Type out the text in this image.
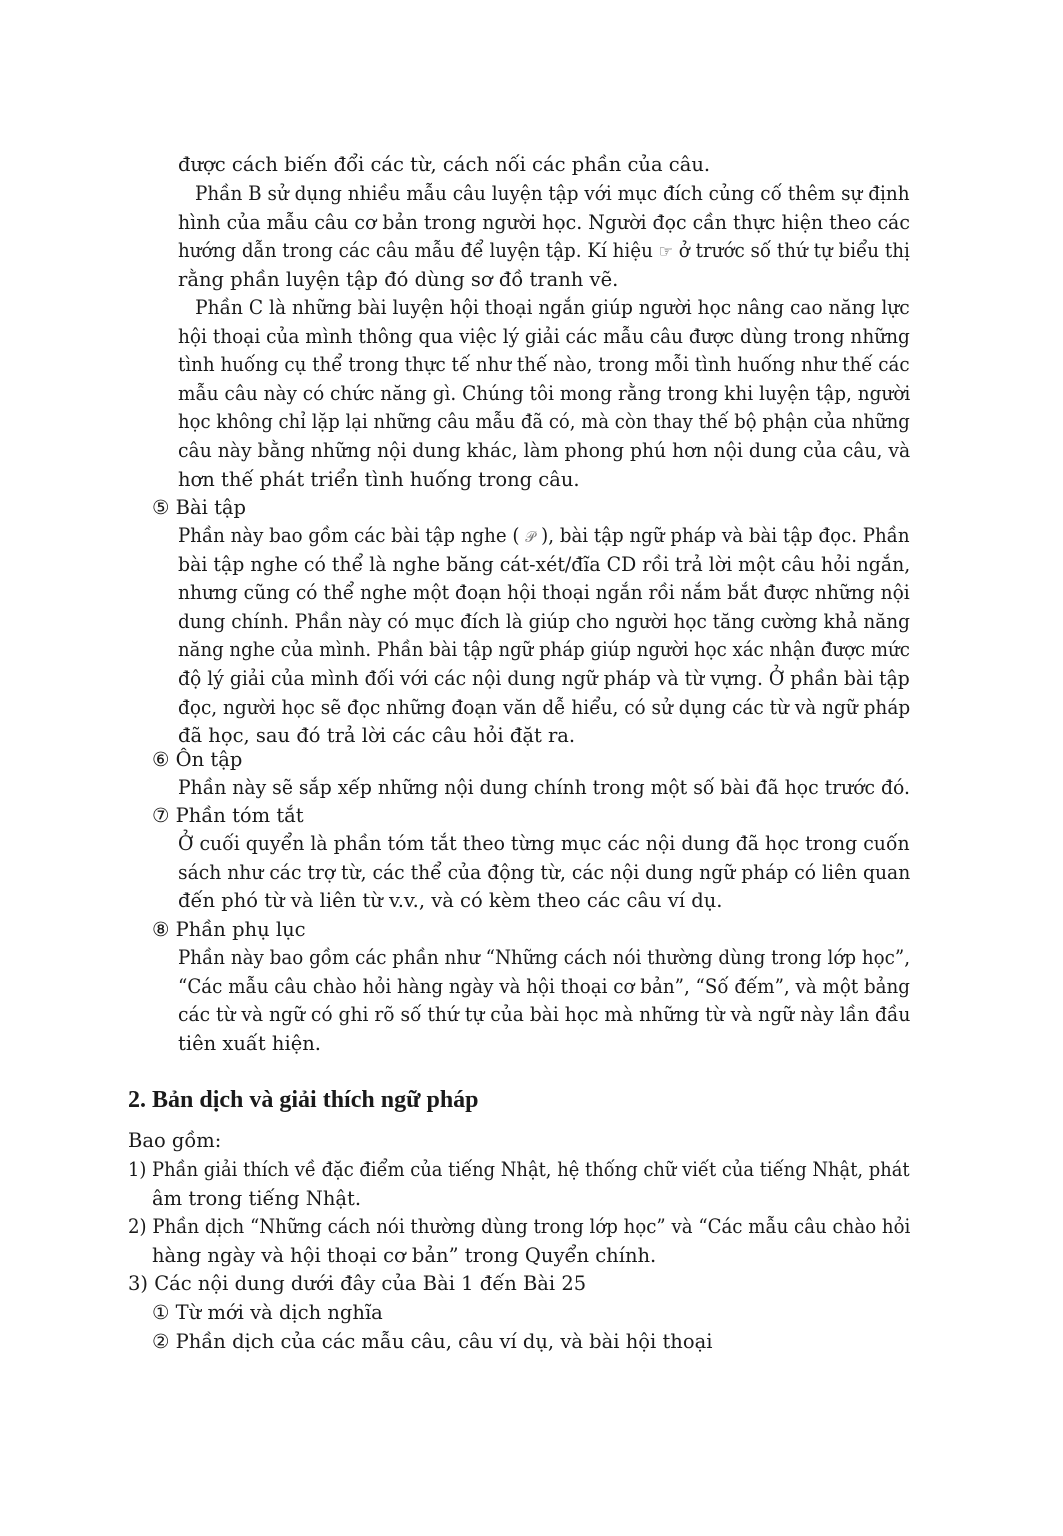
được cách biến đổi các từ, cách nối các phần của câu.

Phần B sử dụng nhiều mẫu câu luyện tập với mục đích củng cố thêm sự định
hình của mẫu câu cơ bản trong người học. Người đọc cần thực hiện theo các
hướng dẫn trong các câu mẫu để luyện tập. Kí hiệu ☞ ở trước số thứ tự biểu thị
rằng phần luyện tập đó dùng sơ đồ tranh vẽ.

Phần C là những bài luyện hội thoại ngắn giúp người học nâng cao năng lực
hội thoại của mình thông qua việc lý giải các mẫu câu được dùng trong những
tình huống cụ thể trong thực tế như thế nào, trong mỗi tình huống như thế các
mẫu câu này có chức năng gì. Chúng tôi mong rằng trong khi luyện tập, người
học không chỉ lặp lại những câu mẫu đã có, mà còn thay thế bộ phận của những
câu này bằng những nội dung khác, làm phong phú hơn nội dung của câu, và
hơn thế phát triển tình huống trong câu.

⑤ Bài tập

Phần này bao gồm các bài tập nghe ( 𝒫 ), bài tập ngữ pháp và bài tập đọc. Phần
bài tập nghe có thể là nghe băng cát-xét/đĩa CD rồi trả lời một câu hỏi ngắn,
nhưng cũng có thể nghe một đoạn hội thoại ngắn rồi nắm bắt được những nội
dung chính. Phần này có mục đích là giúp cho người học tăng cường khả năng
năng nghe của mình. Phần bài tập ngữ pháp giúp người học xác nhận được mức
độ lý giải của mình đối với các nội dung ngữ pháp và từ vựng. Ở phần bài tập
đọc, người học sẽ đọc những đoạn văn dễ hiểu, có sử dụng các từ và ngữ pháp
đã học, sau đó trả lời các câu hỏi đặt ra.

⑥ Ôn tập

Phần này sẽ sắp xếp những nội dung chính trong một số bài đã học trước đó.

⑦ Phần tóm tắt

Ở cuối quyển là phần tóm tắt theo từng mục các nội dung đã học trong cuốn
sách như các trợ từ, các thể của động từ, các nội dung ngữ pháp có liên quan
đến phó từ và liên từ v.v., và có kèm theo các câu ví dụ.

⑧ Phần phụ lục

Phần này bao gồm các phần như “Những cách nói thường dùng trong lớp học”,
“Các mẫu câu chào hỏi hàng ngày và hội thoại cơ bản”, “Số đếm”, và một bảng
các từ và ngữ có ghi rõ số thứ tự của bài học mà những từ và ngữ này lần đầu
tiên xuất hiện.

2. Bản dịch và giải thích ngữ pháp

Bao gồm:

1) Phần giải thích về đặc điểm của tiếng Nhật, hệ thống chữ viết của tiếng Nhật, phát

âm trong tiếng Nhật.

2) Phần dịch “Những cách nói thường dùng trong lớp học” và “Các mẫu câu chào hỏi

hàng ngày và hội thoại cơ bản” trong Quyển chính.

3) Các nội dung dưới đây của Bài 1 đến Bài 25

① Từ mới và dịch nghĩa
② Phần dịch của các mẫu câu, câu ví dụ, và bài hội thoại
